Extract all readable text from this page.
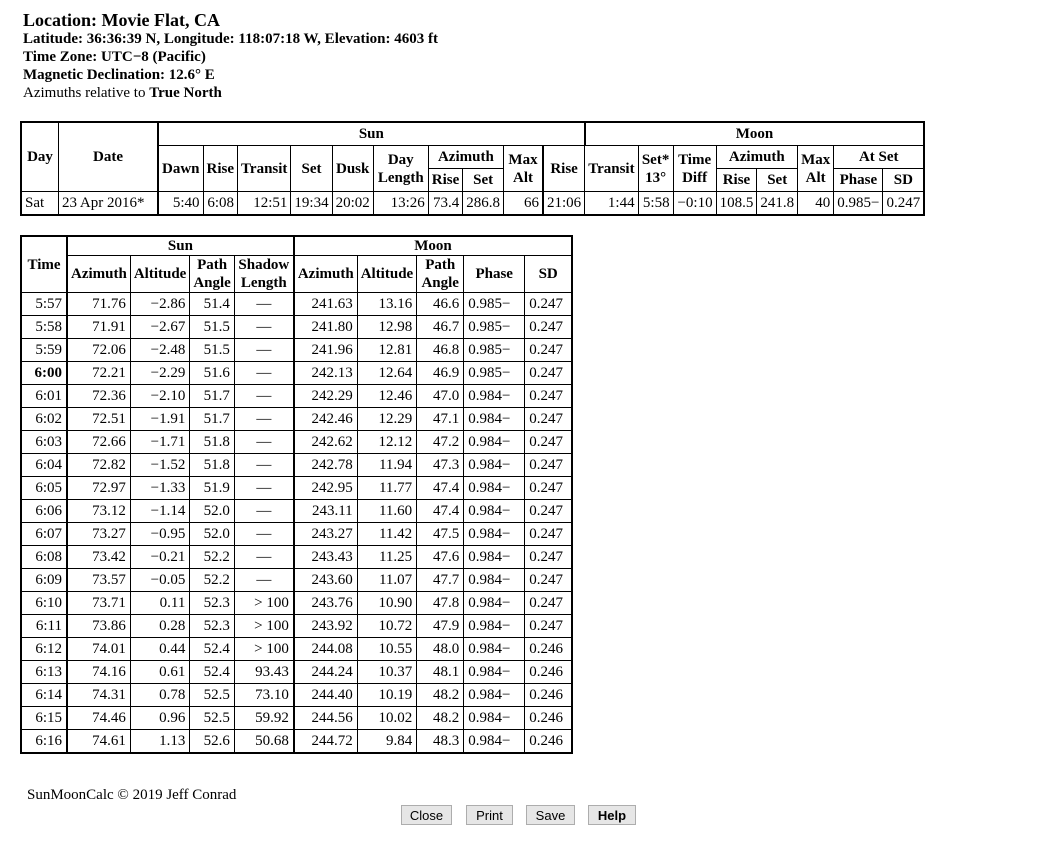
Location: Movie Flat, CA
Latitude: 36:36:39 N, Longitude: 118:07:18 W, Elevation: 4603 ft
Time Zone: UTC−8 (Pacific)
Magnetic Declination: 12.6° E
Azimuths relative to True North
Day	Date	Sun										Moon							
		Dawn	Rise	Transit	Set	Dusk	Day Length	Azimuth		Max Alt	Rise	Transit	Set* 13°	Time Diff	Azimuth		Max Alt	At Set	
								Rise	Set						Rise	Set		Phase	SD
Sat	23 Apr 2016*	5:40	6:08	12:51	19:34	20:02	13:26	73.4	286.8	66	21:06	1:44	5:58	−0:10	108.5	241.8	40	0.985−	0.247
Time	Sun				Moon				
	Azimuth	Altitude	Path Angle	Shadow Length	Azimuth	Altitude	Path Angle	Phase	SD
5:57	71.76	−2.86	51.4	—	241.63	13.16	46.6	0.985−	0.247
5:58	71.91	−2.67	51.5	—	241.80	12.98	46.7	0.985−	0.247
5:59	72.06	−2.48	51.5	—	241.96	12.81	46.8	0.985−	0.247
6:00	72.21	−2.29	51.6	—	242.13	12.64	46.9	0.985−	0.247
6:01	72.36	−2.10	51.7	—	242.29	12.46	47.0	0.984−	0.247
6:02	72.51	−1.91	51.7	—	242.46	12.29	47.1	0.984−	0.247
6:03	72.66	−1.71	51.8	—	242.62	12.12	47.2	0.984−	0.247
6:04	72.82	−1.52	51.8	—	242.78	11.94	47.3	0.984−	0.247
6:05	72.97	−1.33	51.9	—	242.95	11.77	47.4	0.984−	0.247
6:06	73.12	−1.14	52.0	—	243.11	11.60	47.4	0.984−	0.247
6:07	73.27	−0.95	52.0	—	243.27	11.42	47.5	0.984−	0.247
6:08	73.42	−0.21	52.2	—	243.43	11.25	47.6	0.984−	0.247
6:09	73.57	−0.05	52.2	—	243.60	11.07	47.7	0.984−	0.247
6:10	73.71	0.11	52.3	> 100	243.76	10.90	47.8	0.984−	0.247
6:11	73.86	0.28	52.3	> 100	243.92	10.72	47.9	0.984−	0.247
6:12	74.01	0.44	52.4	> 100	244.08	10.55	48.0	0.984−	0.246
6:13	74.16	0.61	52.4	93.43	244.24	10.37	48.1	0.984−	0.246
6:14	74.31	0.78	52.5	73.10	244.40	10.19	48.2	0.984−	0.246
6:15	74.46	0.96	52.5	59.92	244.56	10.02	48.2	0.984−	0.246
6:16	74.61	1.13	52.6	50.68	244.72	9.84	48.3	0.984−	0.246
SunMoonCalc © 2019 Jeff Conrad
Close	Print	Save	Help
